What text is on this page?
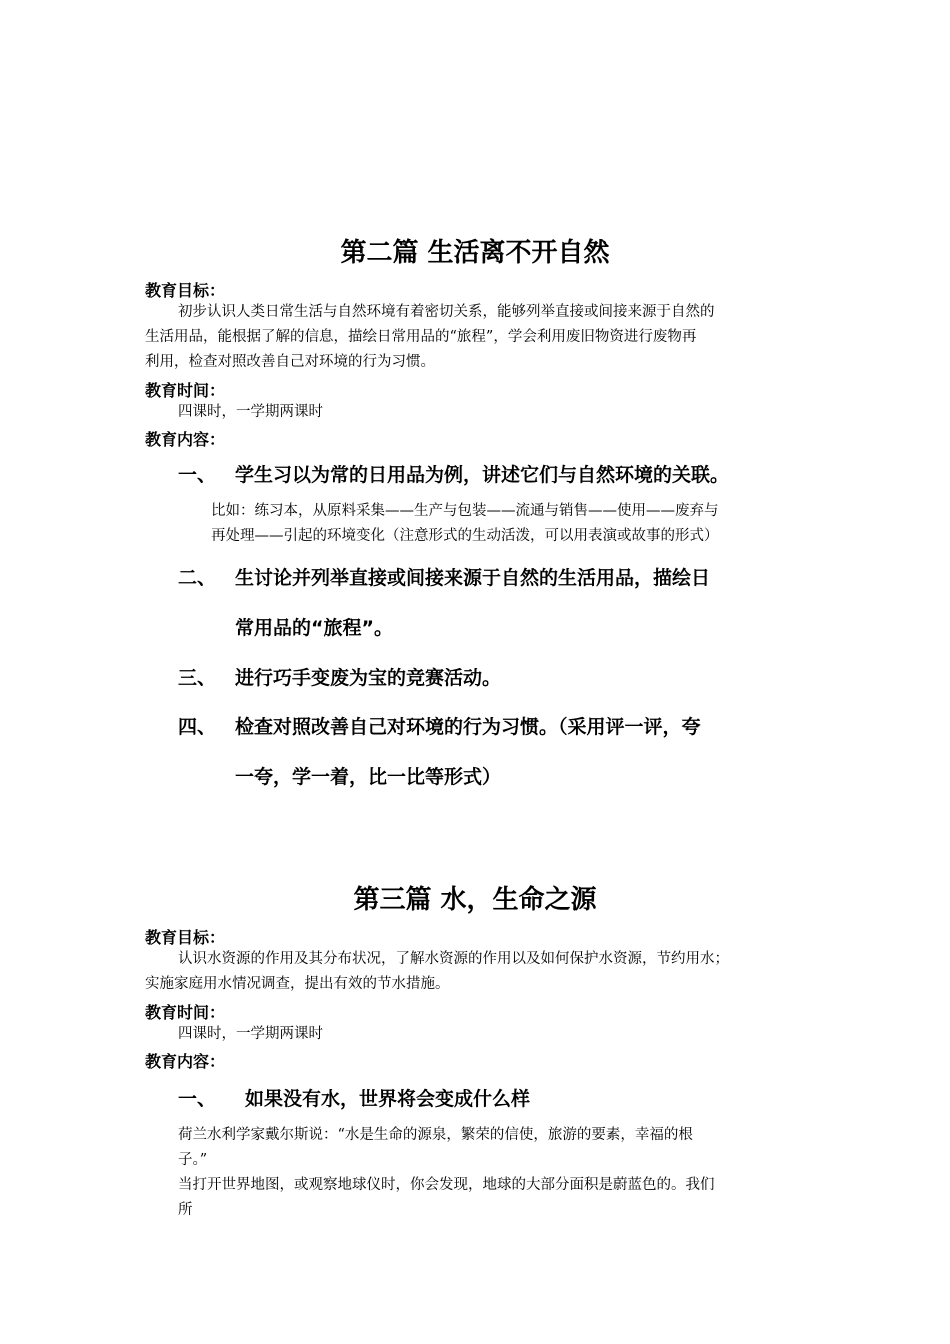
第二篇 生活离不开自然
教育目标：
初步认识人类日常生活与自然环境有着密切关系，能够列举直接或间接来源于自然的
生活用品，能根据了解的信息，描绘日常用品的“旅程”，学会利用废旧物资进行废物再
利用，检查对照改善自己对环境的行为习惯。
教育时间：
四课时，一学期两课时
教育内容：
一、 学生习以为常的日用品为例，讲述它们与自然环境的关联。
比如：练习本，从原料采集——生产与包装——流通与销售——使用——废弃与
再处理——引起的环境变化（注意形式的生动活泼，可以用表演或故事的形式）
二、 生讨论并列举直接或间接来源于自然的生活用品，描绘日
常用品的“旅程”。
三、 进行巧手变废为宝的竞赛活动。
四、 检查对照改善自己对环境的行为习惯。（采用评一评，夸
一夸，学一着，比一比等形式）
第三篇 水，生命之源
教育目标：
认识水资源的作用及其分布状况，了解水资源的作用以及如何保护水资源，节约用水；
实施家庭用水情况调查，提出有效的节水措施。
教育时间：
四课时，一学期两课时
教育内容：
一、 如果没有水，世界将会变成什么样
荷兰水利学家戴尔斯说：“水是生命的源泉，繁荣的信使，旅游的要素，幸福的根
子。”
当打开世界地图，或观察地球仪时，你会发现，地球的大部分面积是蔚蓝色的。我们
所
